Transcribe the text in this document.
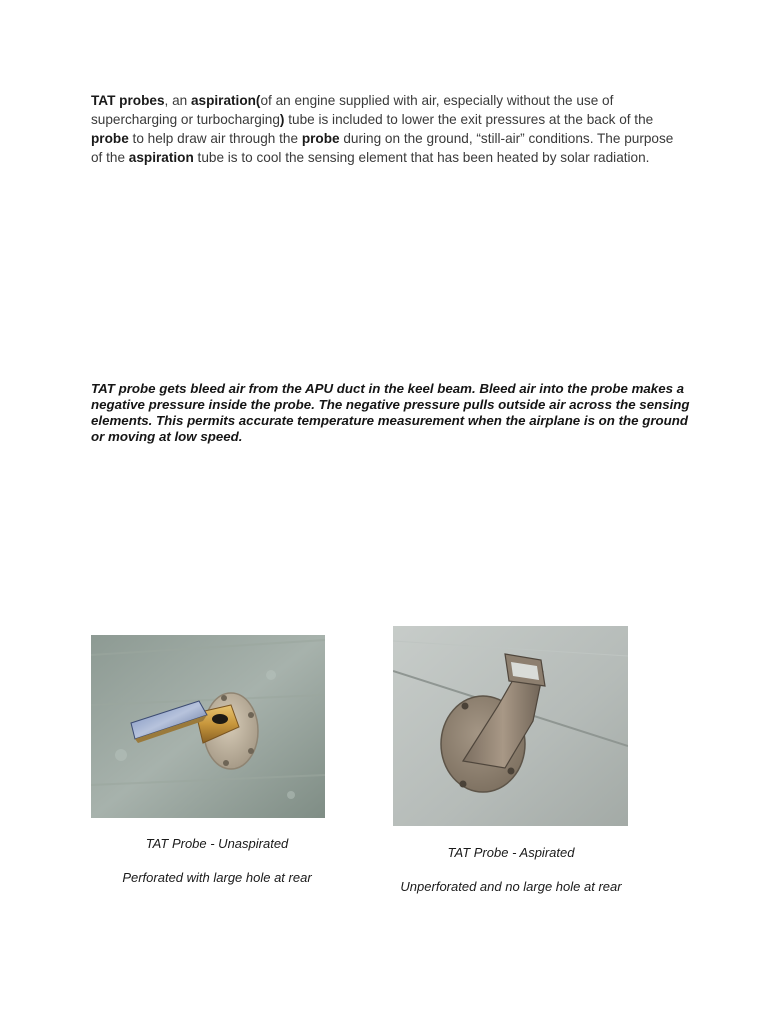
TAT probes, an aspiration(of an engine supplied with air, especially without the use of supercharging or turbocharging) tube is included to lower the exit pressures at the back of the probe to help draw air through the probe during on the ground, “still-air” conditions. The purpose of the aspiration tube is to cool the sensing element that has been heated by solar radiation.
TAT probe gets bleed air from the APU duct in the keel beam. Bleed air into the probe makes a negative pressure inside the probe. The negative pressure pulls outside air across the sensing elements. This permits accurate temperature measurement when the airplane is on the ground or moving at low speed.
TAT Probe - Unaspirated
Perforated with large hole at rear
TAT Probe - Aspirated
Unperforated and no large hole at rear
